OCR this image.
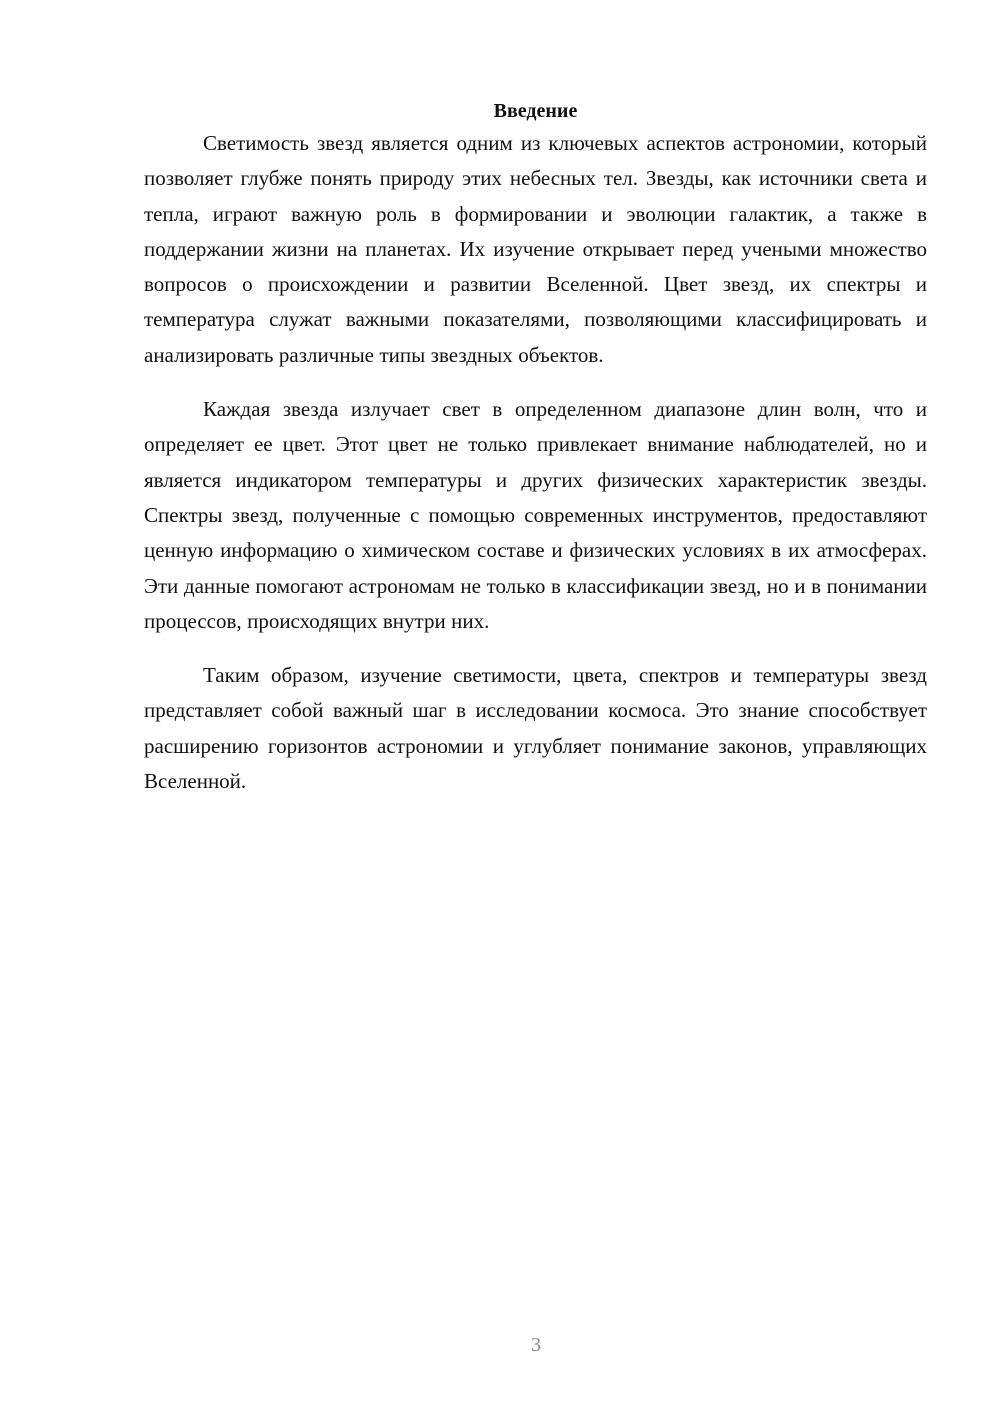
Введение

Светимость звезд является одним из ключевых аспектов астрономии, который позволяет глубже понять природу этих небесных тел. Звезды, как источники света и тепла, играют важную роль в формировании и эволюции галактик, а также в поддержании жизни на планетах. Их изучение открывает перед учеными множество вопросов о происхождении и развитии Вселенной. Цвет звезд, их спектры и температура служат важными показателями, позволяющими классифицировать и анализировать различные типы звездных объектов.

Каждая звезда излучает свет в определенном диапазоне длин волн, что и определяет ее цвет. Этот цвет не только привлекает внимание наблюдателей, но и является индикатором температуры и других физических характеристик звезды. Спектры звезд, полученные с помощью современных инструментов, предоставляют ценную информацию о химическом составе и физических условиях в их атмосферах. Эти данные помогают астрономам не только в классификации звезд, но и в понимании процессов, происходящих внутри них.

Таким образом, изучение светимости, цвета, спектров и температуры звезд представляет собой важный шаг в исследовании космоса. Это знание способствует расширению горизонтов астрономии и углубляет понимание законов, управляющих Вселенной.

3
